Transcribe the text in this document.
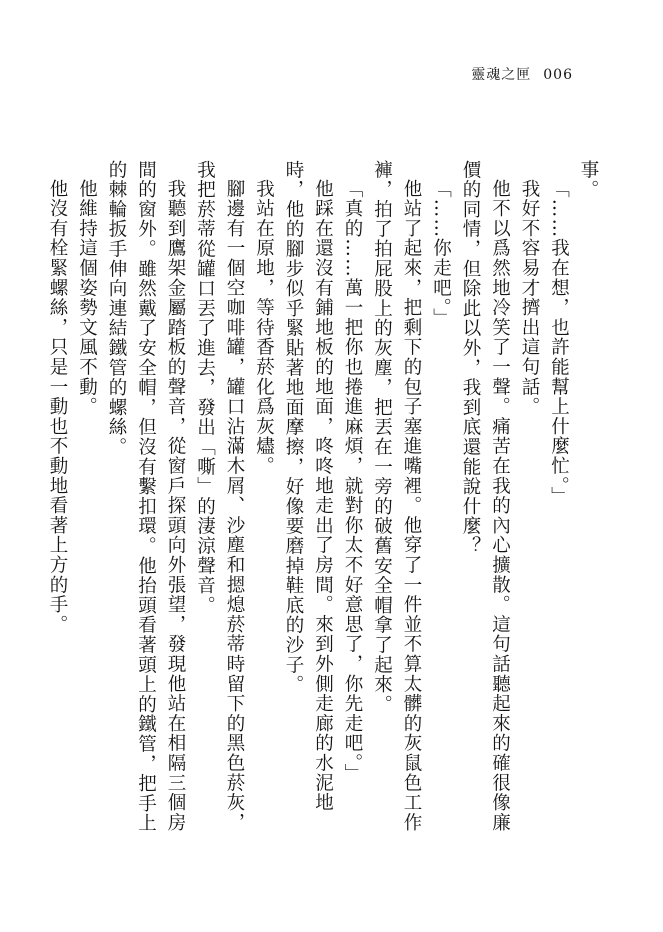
靈魂之匣 006

事。

「……我在想，也許能幫上什麼忙。」

我好不容易才擠出這句話。

他不以爲然地冷笑了一聲。痛苦在我的內心擴散。這句話聽起來的確很像廉價的同情，但除此以外，我到底還能說什麼？

「……你走吧。」

他站了起來，把剩下的包子塞進嘴裡。他穿了一件並不算太髒的灰鼠色工作褲，拍了拍屁股上的灰塵，把丟在一旁的破舊安全帽拿了起來。

「真的……萬一把你也捲進麻煩，就對你太不好意思了，你先走吧。」

他踩在還沒有鋪地板的地面，咚咚地走出了房間。來到外側走廊的水泥地時，他的腳步似乎緊貼著地面摩擦，好像要磨掉鞋底的沙子。

我站在原地，等待香菸化爲灰燼。

腳邊有一個空咖啡罐，罐口沾滿木屑、沙塵和摁熄菸蒂時留下的黑色菸灰，我把菸蒂從罐口丟了進去，發出「嘶」的淒涼聲音。

我聽到鷹架金屬踏板的聲音，從窗戶探頭向外張望，發現他站在相隔三個房間的窗外。雖然戴了安全帽，但沒有繫扣環。他抬頭看著頭上的鐵管，把手上的棘輪扳手伸向連結鐵管的螺絲。

他維持這個姿勢文風不動。

他沒有栓緊螺絲，只是一動也不動地看著上方的手。
